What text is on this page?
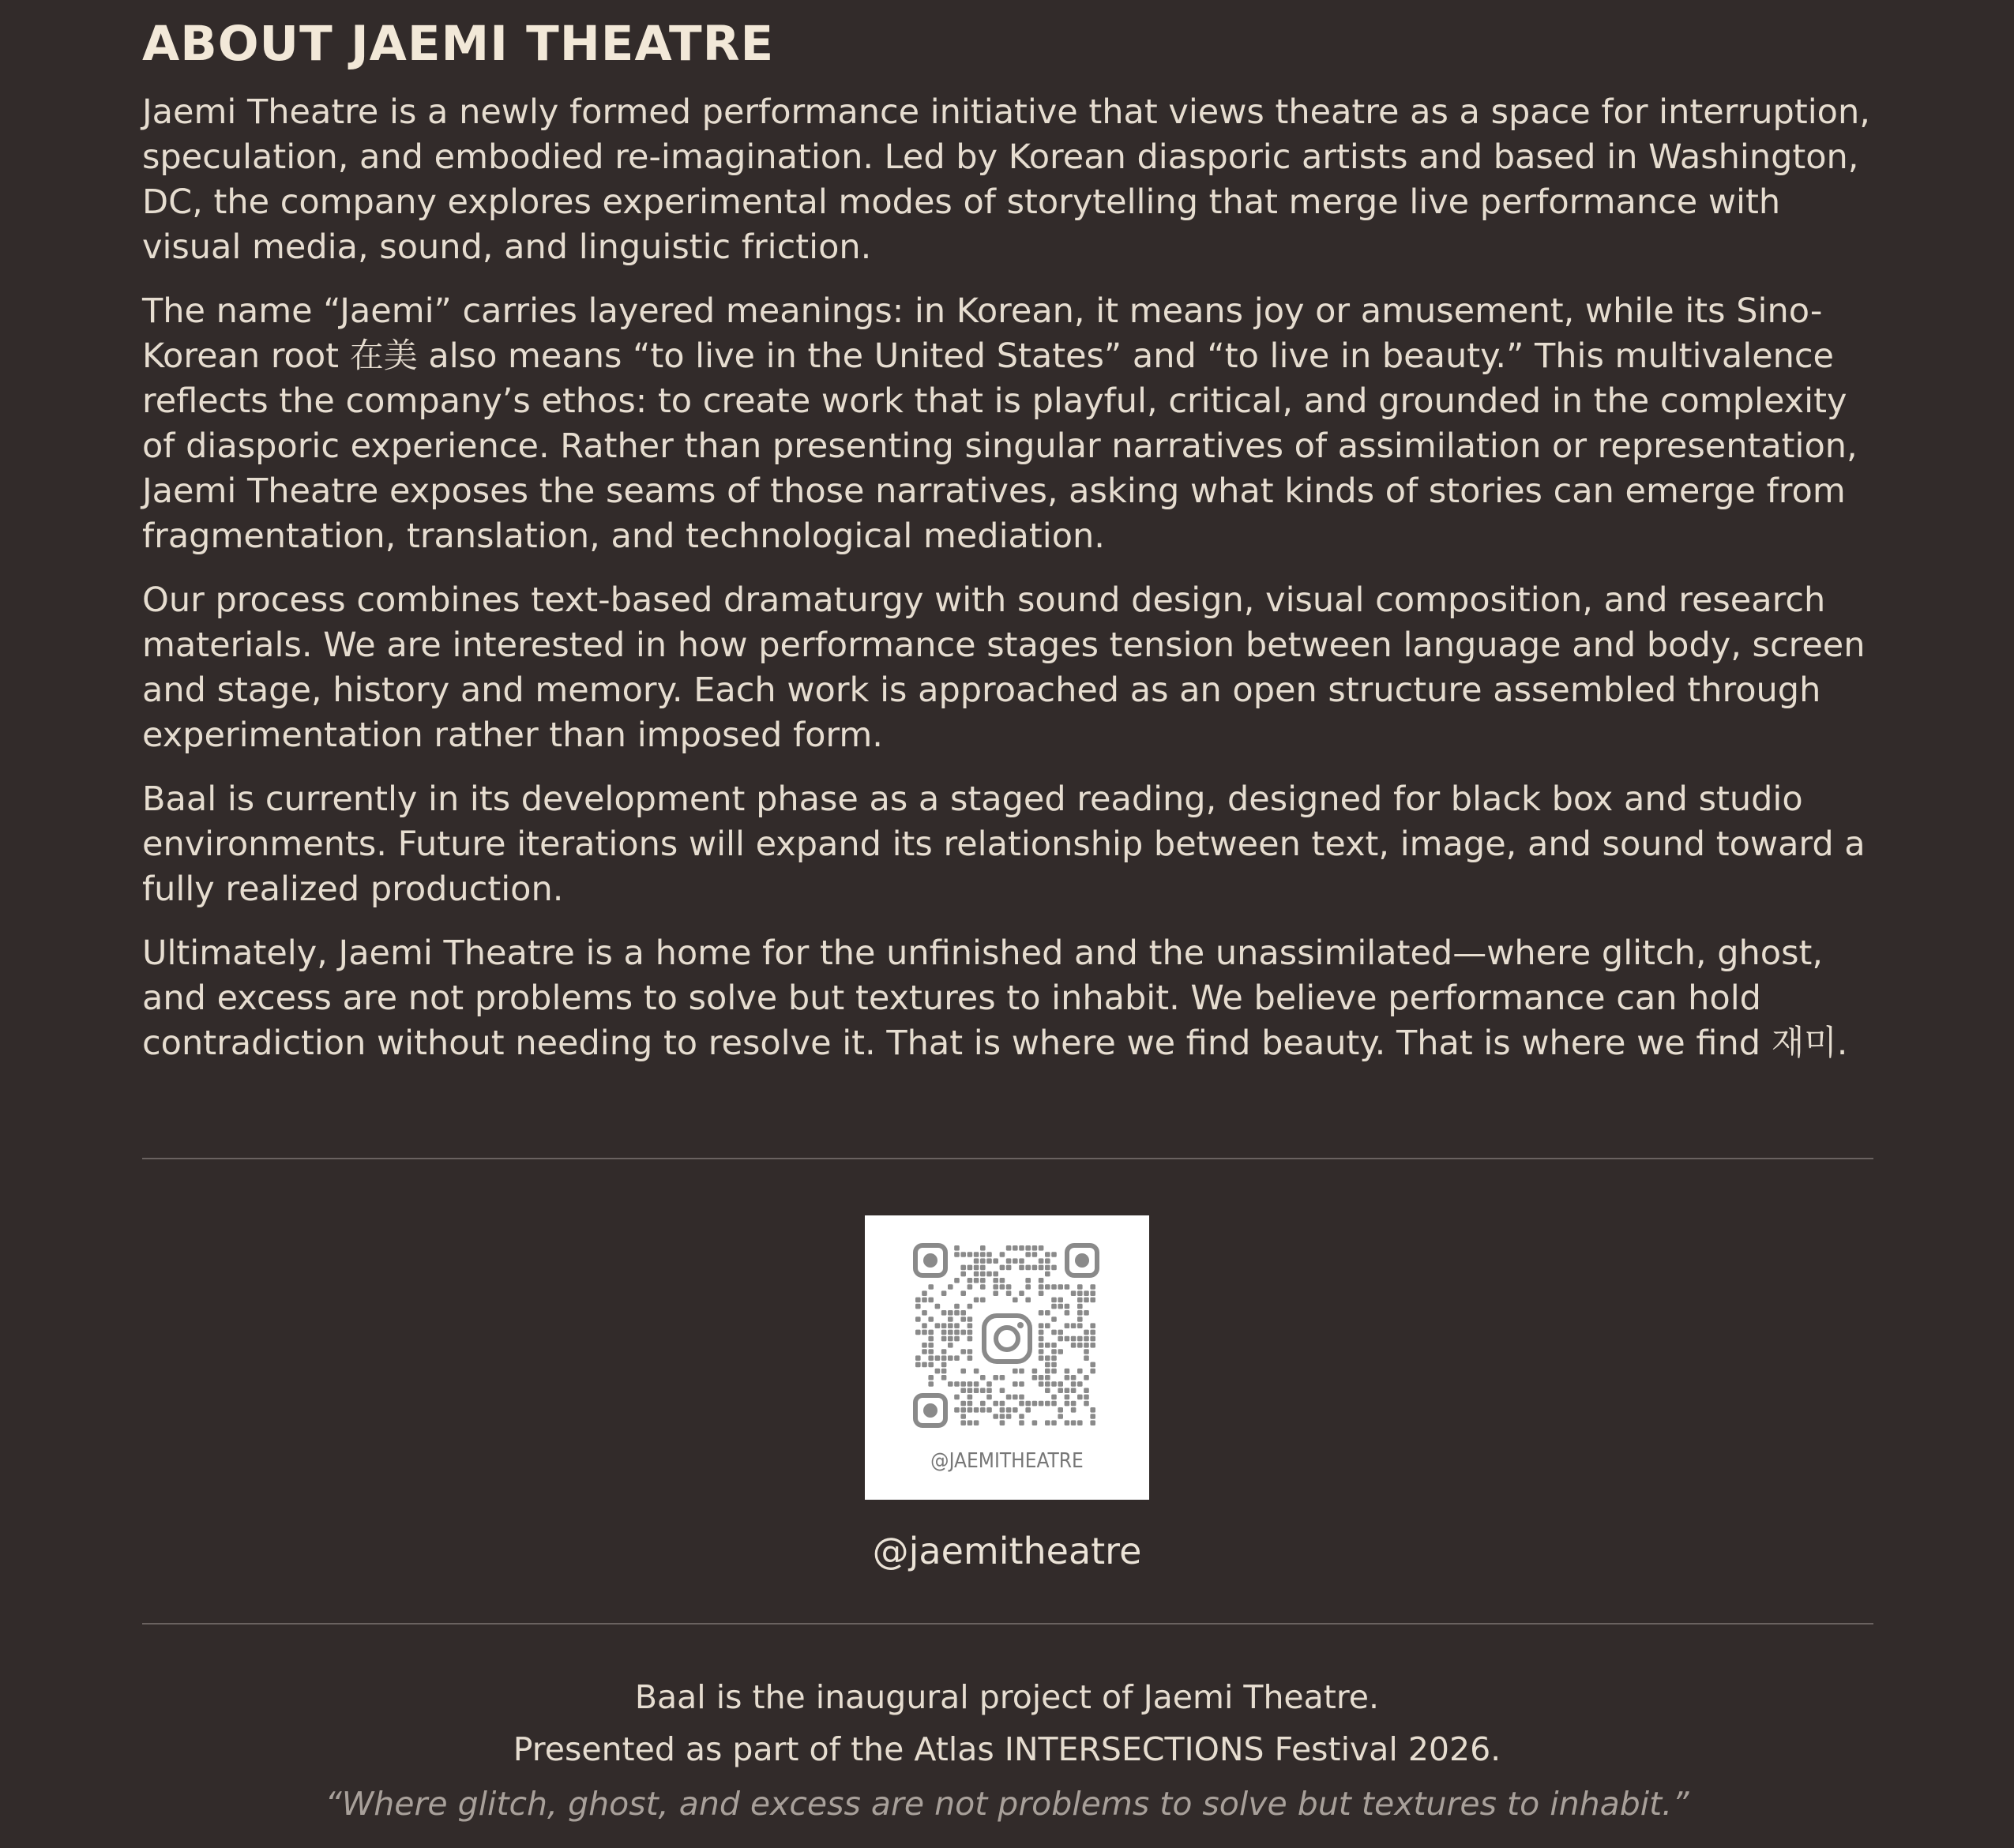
ABOUT JAEMI THEATRE

Jaemi Theatre is a newly formed performance initiative that views theatre as a space for interruption, speculation, and embodied re-imagination. Led by Korean diasporic artists and based in Washington, DC, the company explores experimental modes of storytelling that merge live performance with visual media, sound, and linguistic friction.

The name “Jaemi” carries layered meanings: in Korean, it means joy or amusement, while its Sino-Korean root 在美 also means “to live in the United States” and “to live in beauty.” This multivalence reflects the company’s ethos: to create work that is playful, critical, and grounded in the complexity of diasporic experience. Rather than presenting singular narratives of assimilation or representation, Jaemi Theatre exposes the seams of those narratives, asking what kinds of stories can emerge from fragmentation, translation, and technological mediation.

Our process combines text-based dramaturgy with sound design, visual composition, and research materials. We are interested in how performance stages tension between language and body, screen and stage, history and memory. Each work is approached as an open structure assembled through experimentation rather than imposed form.

Baal is currently in its development phase as a staged reading, designed for black box and studio environments. Future iterations will expand its relationship between text, image, and sound toward a fully realized production.

Ultimately, Jaemi Theatre is a home for the unfinished and the unassimilated—where glitch, ghost, and excess are not problems to solve but textures to inhabit. We believe performance can hold contradiction without needing to resolve it. That is where we find beauty. That is where we find 재미.

@JAEMITHEATRE
@jaemitheatre
Baal is the inaugural project of Jaemi Theatre.
Presented as part of the Atlas INTERSECTIONS Festival 2026.
“Where glitch, ghost, and excess are not problems to solve but textures to inhabit.”
